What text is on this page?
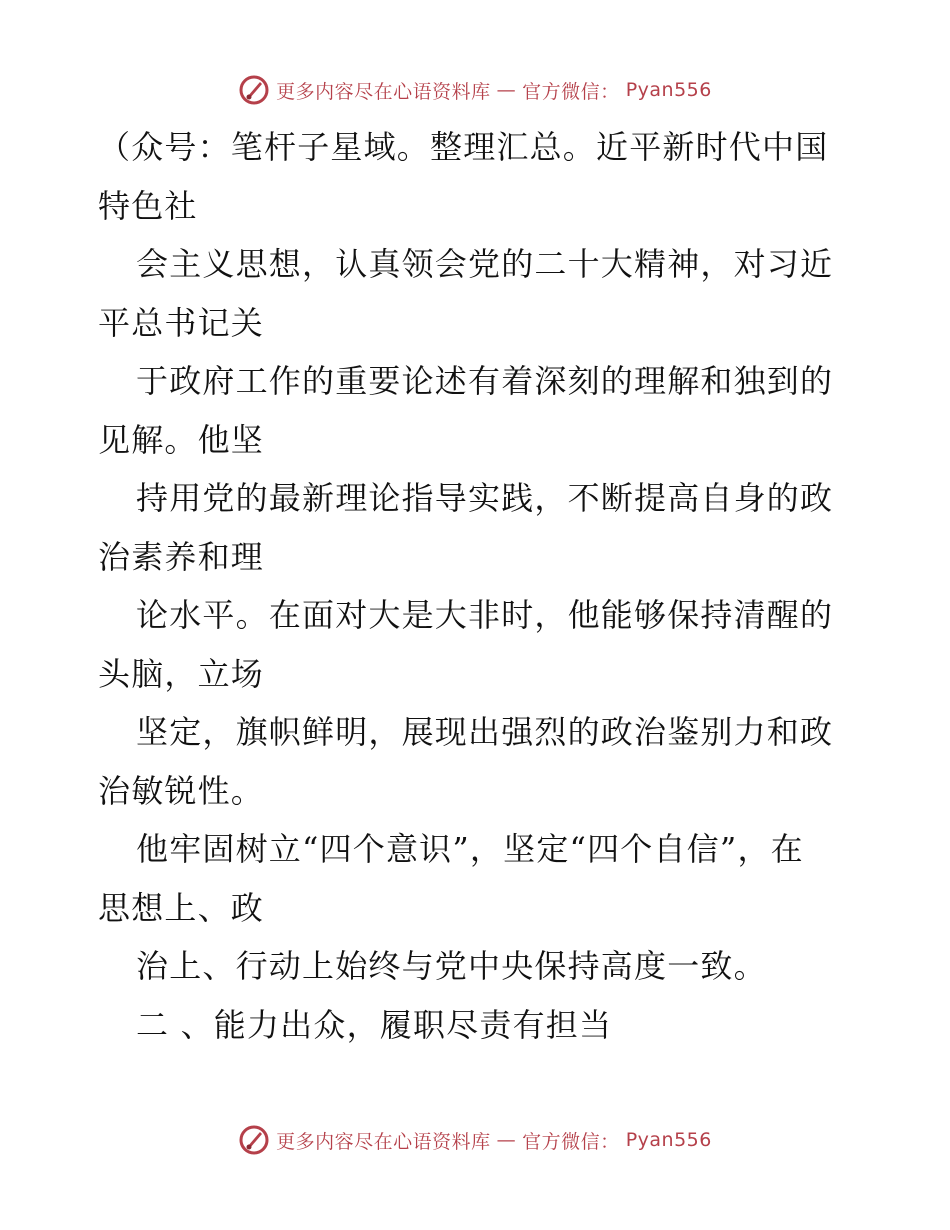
更多内容尽在心语资料库 — 官方微信： Pyan556
（众号：笔杆子星域。整理汇总。近平新时代中国
特色社
会主义思想，认真领会党的二十大精神，对习近
平总书记关
于政府工作的重要论述有着深刻的理解和独到的
见解。他坚
持用党的最新理论指导实践，不断提高自身的政
治素养和理
论水平。在面对大是大非时，他能够保持清醒的
头脑，立场
坚定，旗帜鲜明，展现出强烈的政治鉴别力和政
治敏锐性。
他牢固树立“四个意识”，坚定“四个自信”，在
思想上、政
治上、行动上始终与党中央保持高度一致。
二 、能力出众，履职尽责有担当
更多内容尽在心语资料库 — 官方微信： Pyan556
